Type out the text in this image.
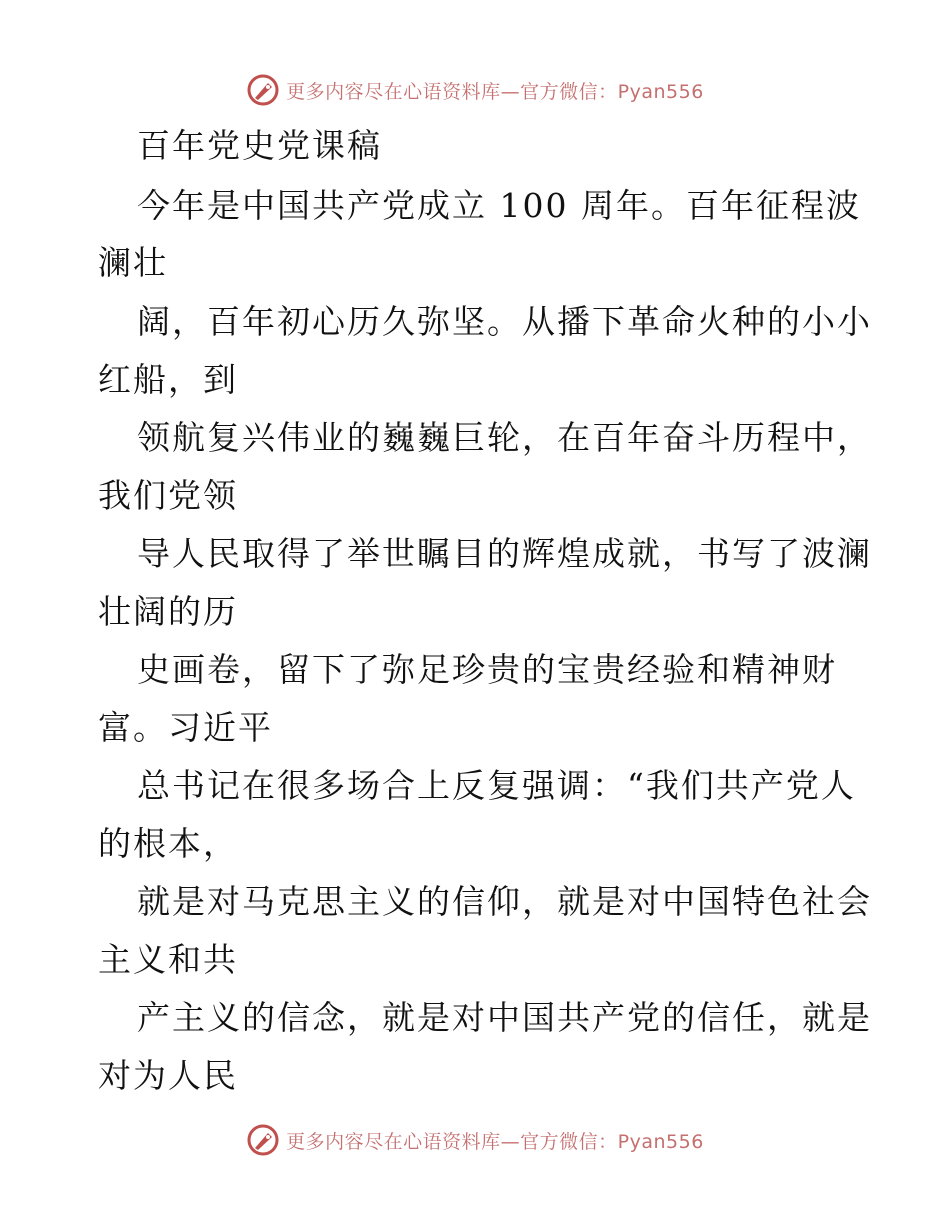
更多内容尽在心语资料库—官方微信：Pyan556
百年党史党课稿
今年是中国共产党成立 100 周年。百年征程波
澜壮
阔，百年初心历久弥坚。从播下革命火种的小小
红船，到
领航复兴伟业的巍巍巨轮，在百年奋斗历程中，
我们党领
导人民取得了举世瞩目的辉煌成就，书写了波澜
壮阔的历
史画卷，留下了弥足珍贵的宝贵经验和精神财
富。习近平
总书记在很多场合上反复强调：“我们共产党人
的根本，
就是对马克思主义的信仰，就是对中国特色社会
主义和共
产主义的信念，就是对中国共产党的信任，就是
对为人民
更多内容尽在心语资料库—官方微信：Pyan556
